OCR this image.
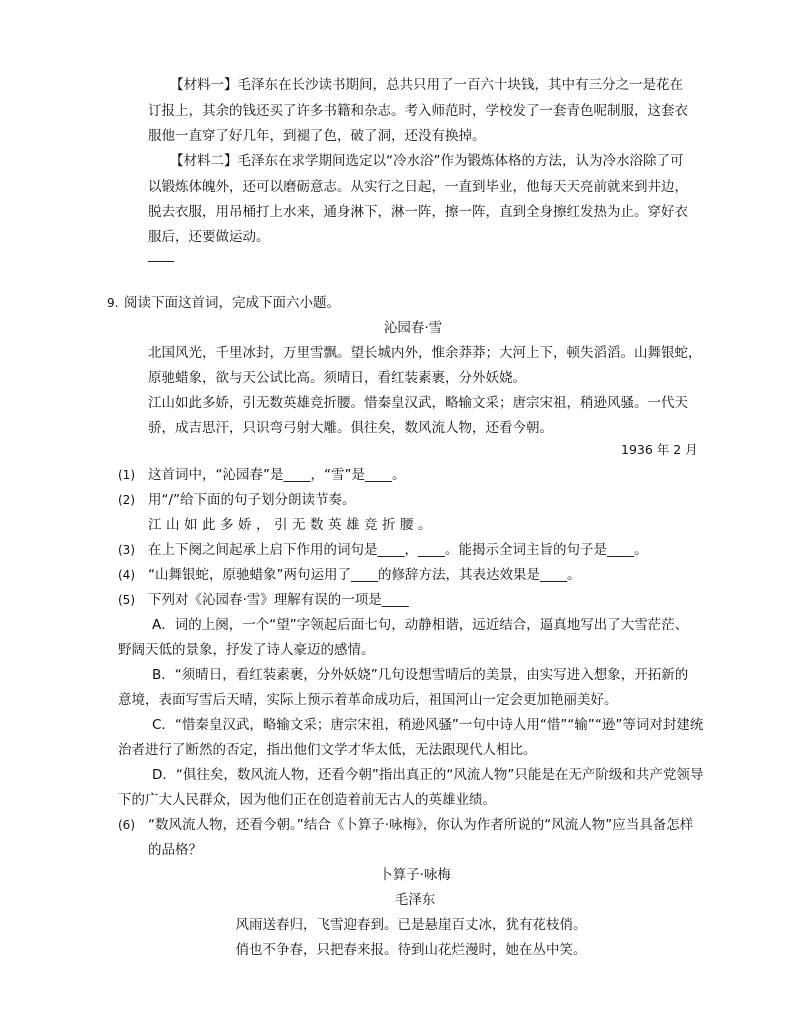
【材料一】毛泽东在长沙读书期间，总共只用了一百六十块钱，其中有三分之一是花在
订报上，其余的钱还买了许多书籍和杂志。考入师范时，学校发了一套青色呢制服，这套衣
服他一直穿了好几年，到褪了色，破了洞，还没有换掉。
【材料二】毛泽东在求学期间选定以“冷水浴”作为锻炼体格的方法，认为冷水浴除了可
以锻炼体魄外，还可以磨砺意志。从实行之日起，一直到毕业，他每天天亮前就来到井边，
脱去衣服，用吊桶打上水来，通身淋下，淋一阵，擦一阵，直到全身擦红发热为止。穿好衣
服后，还要做运动。
9. 阅读下面这首词，完成下面六小题。
沁园春·雪
北国风光，千里冰封，万里雪飘。望长城内外，惟余莽莽；大河上下，顿失滔滔。山舞银蛇，
原驰蜡象，欲与天公试比高。须晴日，看红装素裹，分外妖娆。
江山如此多娇，引无数英雄竞折腰。惜秦皇汉武，略输文采；唐宗宋祖，稍逊风骚。一代天
骄，成吉思汗，只识弯弓射大雕。俱往矣，数风流人物，还看今朝。
1936 年 2 月
(1) 这首词中，“沁园春”是____，“雪”是____。
(2) 用“/”给下面的句子划分朗读节奏。
江山如此多娇，引无数英雄竞折腰。
(3) 在上下阕之间起承上启下作用的词句是____，____。能揭示全词主旨的句子是____。
(4) “山舞银蛇，原驰蜡象”两句运用了____的修辞方法，其表达效果是____。
(5) 下列对《沁园春·雪》理解有误的一项是____
A．词的上阕，一个“望”字领起后面七句，动静相谐，远近结合，逼真地写出了大雪茫茫、
野阔天低的景象，抒发了诗人豪迈的感情。
B．“须晴日，看红装素裹，分外妖娆”几句设想雪晴后的美景，由实写进入想象，开拓新的
意境，表面写雪后天晴，实际上预示着革命成功后，祖国河山一定会更加艳丽美好。
C．“惜秦皇汉武，略输文采；唐宗宋祖，稍逊风骚”一句中诗人用“惜”“输”“逊”等词对封建统
治者进行了断然的否定，指出他们文学才华太低，无法跟现代人相比。
D．“俱往矣，数风流人物，还看今朝”指出真正的“风流人物”只能是在无产阶级和共产党领导
下的广大人民群众，因为他们正在创造着前无古人的英雄业绩。
(6) “数风流人物，还看今朝。”结合《卜算子·咏梅》，你认为作者所说的“风流人物”应当具备怎样
的品格？
卜算子·咏梅
毛泽东
风雨送春归，飞雪迎春到。已是悬崖百丈冰，犹有花枝俏。
俏也不争春，只把春来报。待到山花烂漫时，她在丛中笑。
